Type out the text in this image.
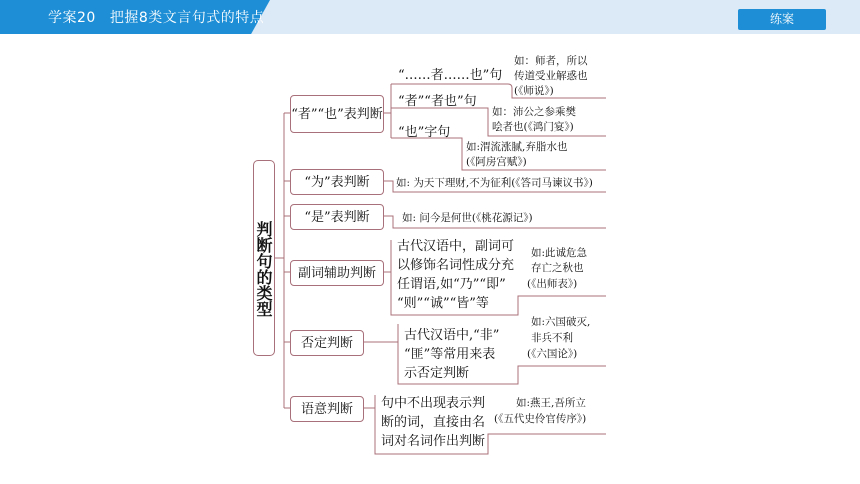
学案20 把握8类文言句式的特点	练案
判断句的类型
“者”“也”表判断
“……者……也”句
如：师者，所以
传道受业解惑也
(《师说》)
“者”“者也”句
如：沛公之参乘樊
哙者也(《鸿门宴》)
“也”字句
如:渭流涨腻,弃脂水也
(《阿房宫赋》)
“为”表判断	如: 为天下理财,不为征利(《答司马谏议书》)
“是”表判断	如: 问今是何世(《桃花源记》)
副词辅助判断
古代汉语中，副词可
以修饰名词性成分充
任谓语,如“乃”“即”
“则”“诚”“皆”等
如:此诚危急
存亡之秋也
(《出师表》)
否定判断	古代汉语中,“非”
“匪”等常用来表
示否定判断
如:六国破灭,
非兵不利
(《六国论》)
语意判断 句中不出现表示判
断的词，直接由名
词对名词作出判断
如:燕王,吾所立
(《五代史伶官传序》)
